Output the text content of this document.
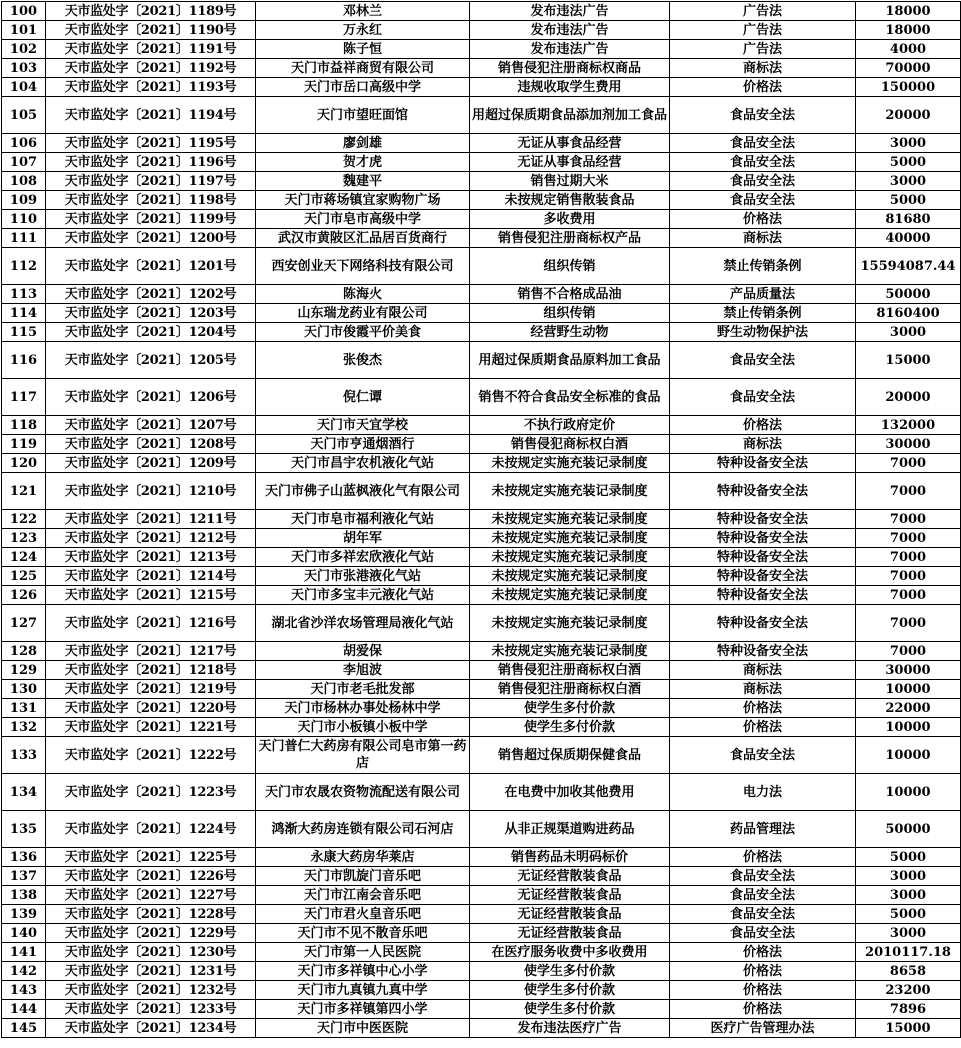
100	天市监处字〔2021〕1189号	邓林兰	发布违法广告	广告法	18000
101	天市监处字〔2021〕1190号	万永红	发布违法广告	广告法	18000
102	天市监处字〔2021〕1191号	陈子恒	发布违法广告	广告法	4000
103	天市监处字〔2021〕1192号	天门市益祥商贸有限公司	销售侵犯注册商标权商品	商标法	70000
104	天市监处字〔2021〕1193号	天门市岳口高级中学	违规收取学生费用	价格法	150000
105	天市监处字〔2021〕1194号	天门市望旺面馆	用超过保质期食品添加剂加工食品	食品安全法	20000
106	天市监处字〔2021〕1195号	廖剑雄	无证从事食品经营	食品安全法	3000
107	天市监处字〔2021〕1196号	贺才虎	无证从事食品经营	食品安全法	5000
108	天市监处字〔2021〕1197号	魏建平	销售过期大米	食品安全法	3000
109	天市监处字〔2021〕1198号	天门市蒋场镇宜家购物广场	未按规定销售散装食品	食品安全法	5000
110	天市监处字〔2021〕1199号	天门市皂市高级中学	多收费用	价格法	81680
111	天市监处字〔2021〕1200号	武汉市黄陂区汇品居百货商行	销售侵犯注册商标权产品	商标法	40000
112	天市监处字〔2021〕1201号	西安创业天下网络科技有限公司	组织传销	禁止传销条例	15594087.44
113	天市监处字〔2021〕1202号	陈海火	销售不合格成品油	产品质量法	50000
114	天市监处字〔2021〕1203号	山东瑞龙药业有限公司	组织传销	禁止传销条例	8160400
115	天市监处字〔2021〕1204号	天门市俊霞平价美食	经营野生动物	野生动物保护法	3000
116	天市监处字〔2021〕1205号	张俊杰	用超过保质期食品原料加工食品	食品安全法	15000
117	天市监处字〔2021〕1206号	倪仁谭	销售不符合食品安全标准的食品	食品安全法	20000
118	天市监处字〔2021〕1207号	天门市天宜学校	不执行政府定价	价格法	132000
119	天市监处字〔2021〕1208号	天门市亨通烟酒行	销售侵犯商标权白酒	商标法	30000
120	天市监处字〔2021〕1209号	天门市昌宇农机液化气站	未按规定实施充装记录制度	特种设备安全法	7000
121	天市监处字〔2021〕1210号	天门市佛子山蓝枫液化气有限公司	未按规定实施充装记录制度	特种设备安全法	7000
122	天市监处字〔2021〕1211号	天门市皂市福利液化气站	未按规定实施充装记录制度	特种设备安全法	7000
123	天市监处字〔2021〕1212号	胡年军	未按规定实施充装记录制度	特种设备安全法	7000
124	天市监处字〔2021〕1213号	天门市多祥宏欣液化气站	未按规定实施充装记录制度	特种设备安全法	7000
125	天市监处字〔2021〕1214号	天门市张港液化气站	未按规定实施充装记录制度	特种设备安全法	7000
126	天市监处字〔2021〕1215号	天门市多宝丰元液化气站	未按规定实施充装记录制度	特种设备安全法	7000
127	天市监处字〔2021〕1216号	湖北省沙洋农场管理局液化气站	未按规定实施充装记录制度	特种设备安全法	7000
128	天市监处字〔2021〕1217号	胡爱保	未按规定实施充装记录制度	特种设备安全法	7000
129	天市监处字〔2021〕1218号	李旭波	销售侵犯注册商标权白酒	商标法	30000
130	天市监处字〔2021〕1219号	天门市老毛批发部	销售侵犯注册商标权白酒	商标法	10000
131	天市监处字〔2021〕1220号	天门市杨林办事处杨林中学	使学生多付价款	价格法	22000
132	天市监处字〔2021〕1221号	天门市小板镇小板中学	使学生多付价款	价格法	10000
133	天市监处字〔2021〕1222号	天门普仁大药房有限公司皂市第一药店	销售超过保质期保健食品	食品安全法	10000
134	天市监处字〔2021〕1223号	天门市农晟农资物流配送有限公司	在电费中加收其他费用	电力法	10000
135	天市监处字〔2021〕1224号	鸿渐大药房连锁有限公司石河店	从非正规渠道购进药品	药品管理法	50000
136	天市监处字〔2021〕1225号	永康大药房华莱店	销售药品未明码标价	价格法	5000
137	天市监处字〔2021〕1226号	天门市凯旋门音乐吧	无证经营散装食品	食品安全法	3000
138	天市监处字〔2021〕1227号	天门市江南会音乐吧	无证经营散装食品	食品安全法	3000
139	天市监处字〔2021〕1228号	天门市君火皇音乐吧	无证经营散装食品	食品安全法	5000
140	天市监处字〔2021〕1229号	天门市不见不散音乐吧	无证经营散装食品	食品安全法	3000
141	天市监处字〔2021〕1230号	天门市第一人民医院	在医疗服务收费中多收费用	价格法	2010117.18
142	天市监处字〔2021〕1231号	天门市多祥镇中心小学	使学生多付价款	价格法	8658
143	天市监处字〔2021〕1232号	天门市九真镇九真中学	使学生多付价款	价格法	23200
144	天市监处字〔2021〕1233号	天门市多祥镇第四小学	使学生多付价款	价格法	7896
145	天市监处字〔2021〕1234号	天门市中医医院	发布违法医疗广告	医疗广告管理办法	15000
